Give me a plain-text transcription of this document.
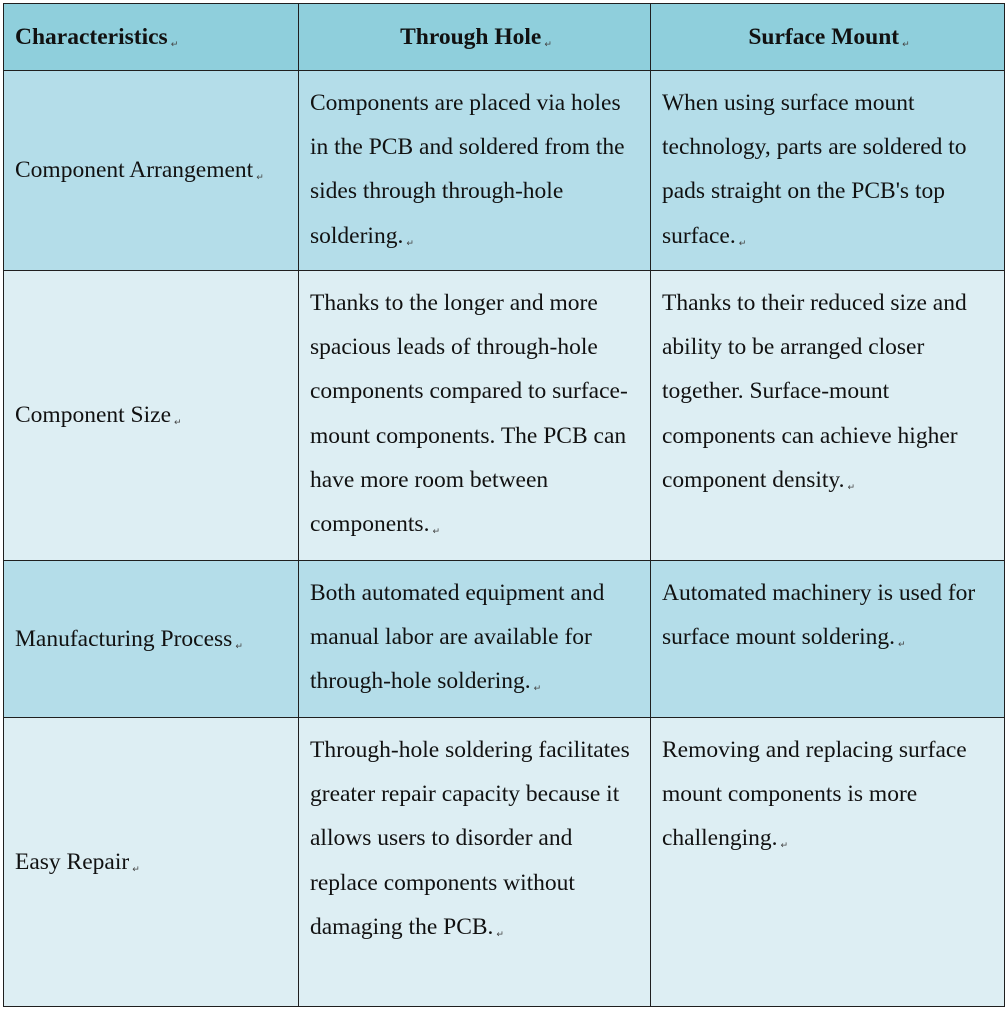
Characteristics ↵	Through Hole ↵	Surface Mount ↵
Component Arrangement ↵	Components are placed via holes in the PCB and soldered from the sides through through-hole soldering. ↵	When using surface mount technology, parts are soldered to pads straight on the PCB's top surface. ↵
Component Size ↵	Thanks to the longer and more spacious leads of through-hole components compared to surface-mount components. The PCB can have more room between components. ↵	Thanks to their reduced size and ability to be arranged closer together. Surface-mount components can achieve higher component density. ↵
Manufacturing Process ↵	Both automated equipment and manual labor are available for through-hole soldering. ↵	Automated machinery is used for surface mount soldering. ↵
Easy Repair ↵	Through-hole soldering facilitates greater repair capacity because it allows users to disorder and replace components without damaging the PCB. ↵	Removing and replacing surface mount components is more challenging. ↵
